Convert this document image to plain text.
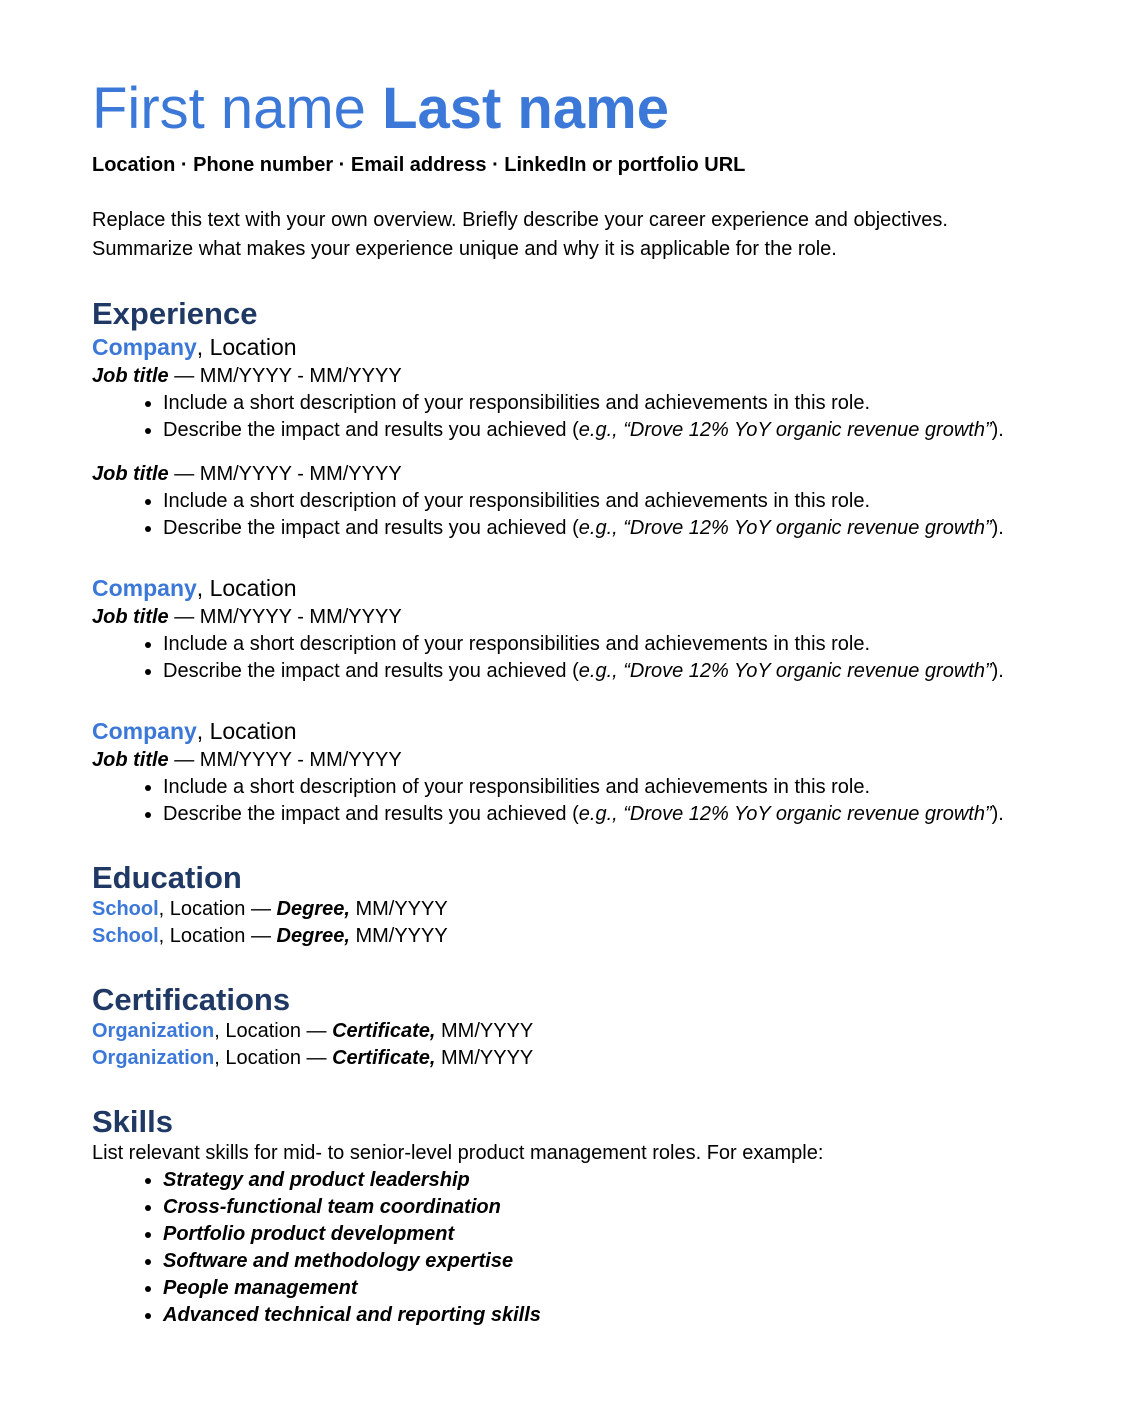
First name Last name
Location · Phone number · Email address · LinkedIn or portfolio URL

Replace this text with your own overview. Briefly describe your career experience and objectives. Summarize what makes your experience unique and why it is applicable for the role.

Experience
Company, Location
Job title — MM/YYYY - MM/YYYY
• Include a short description of your responsibilities and achievements in this role.
• Describe the impact and results you achieved (e.g., “Drove 12% YoY organic revenue growth”).
Job title — MM/YYYY - MM/YYYY
• Include a short description of your responsibilities and achievements in this role.
• Describe the impact and results you achieved (e.g., “Drove 12% YoY organic revenue growth”).
Company, Location
Job title — MM/YYYY - MM/YYYY
• Include a short description of your responsibilities and achievements in this role.
• Describe the impact and results you achieved (e.g., “Drove 12% YoY organic revenue growth”).
Company, Location
Job title — MM/YYYY - MM/YYYY
• Include a short description of your responsibilities and achievements in this role.
• Describe the impact and results you achieved (e.g., “Drove 12% YoY organic revenue growth”).
Education
School, Location — Degree, MM/YYYY
School, Location — Degree, MM/YYYY
Certifications
Organization, Location — Certificate, MM/YYYY
Organization, Location — Certificate, MM/YYYY
Skills

List relevant skills for mid- to senior-level product management roles. For example:

• Strategy and product leadership
• Cross-functional team coordination
• Portfolio product development
• Software and methodology expertise
• People management
• Advanced technical and reporting skills
